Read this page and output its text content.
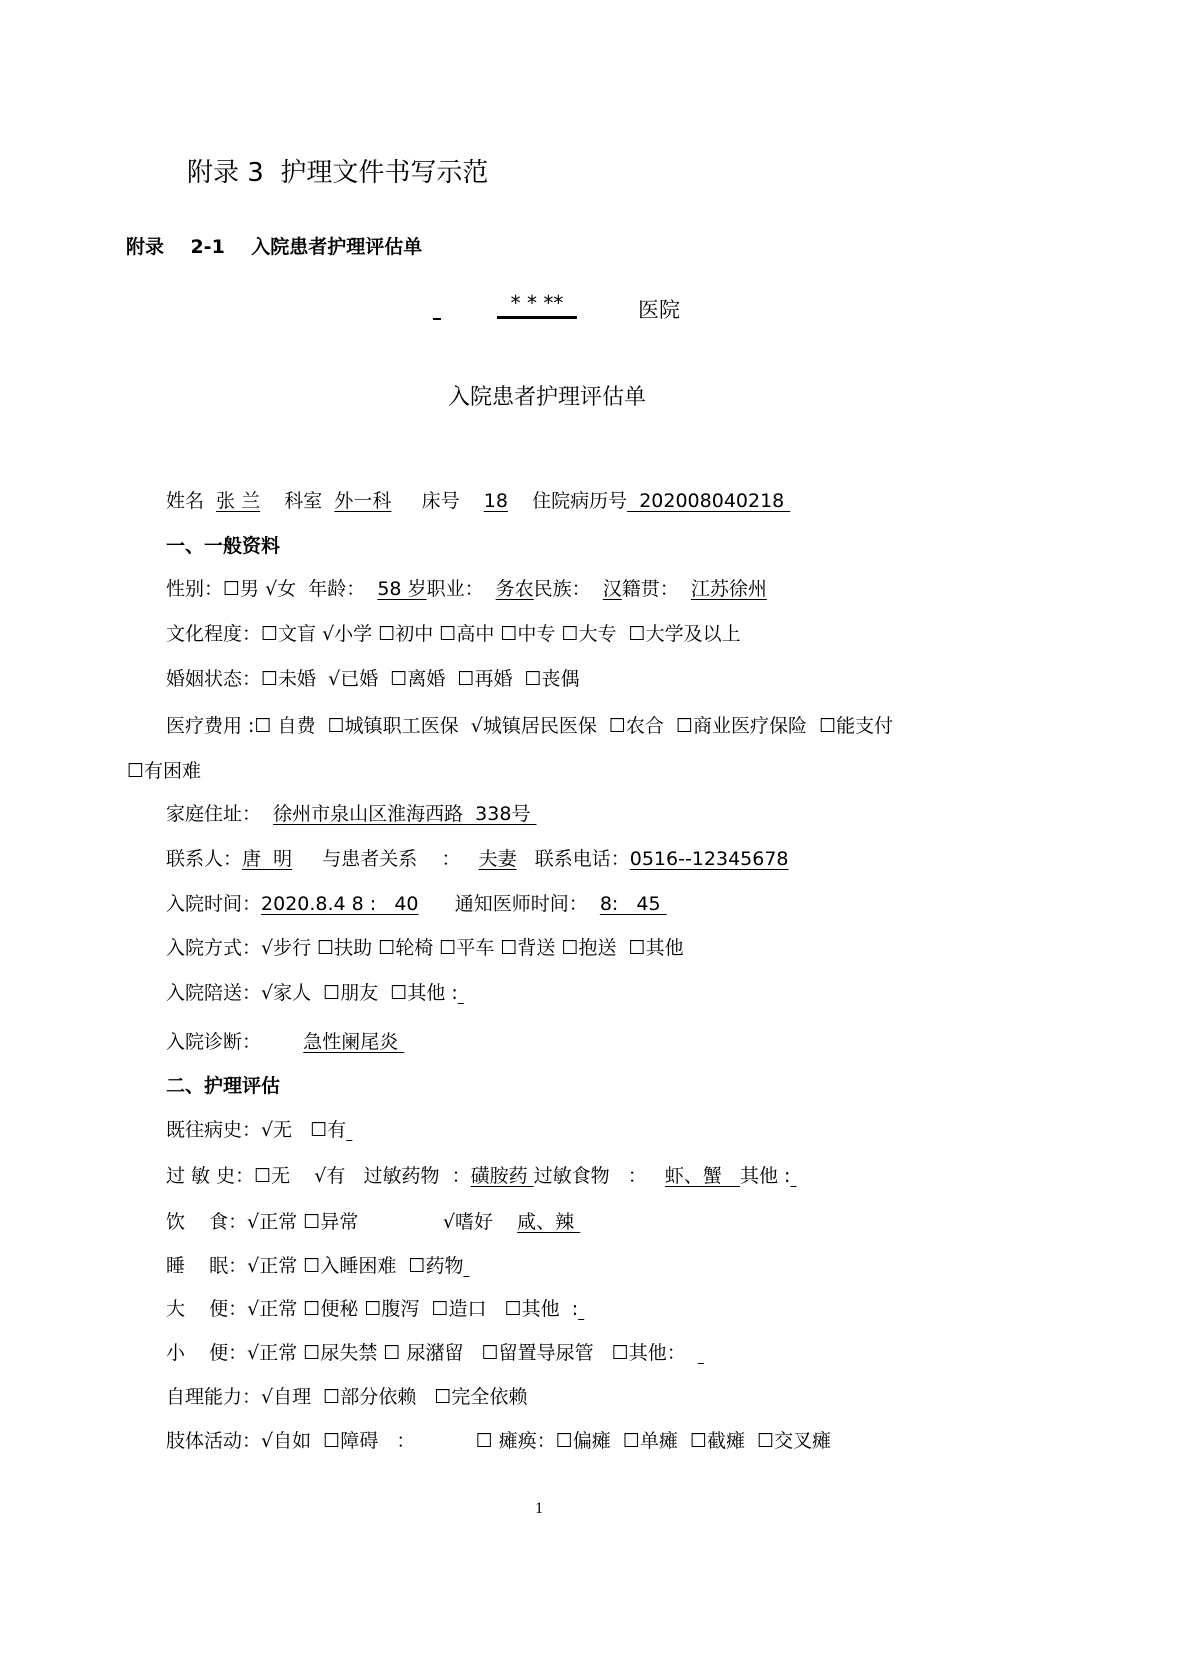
附录 3  护理文件书写示范
附录    2-1    入院患者护理评估单
* * **	医院
入院患者护理评估单
姓名  张 兰    科室  外一科     床号    18    住院病历号  202008040218
一、一般资料
性别：☐男 √女  年龄：  58 岁职业：  务农民族：  汉籍贯：  江苏徐州
文化程度：☐文盲 √小学 ☐初中 ☐高中 ☐中专 ☐大专  ☐大学及以上
婚姻状态：☐未婚  √已婚  ☐离婚  ☐再婚  ☐丧偶
医疗费用 :☐ 自费  ☐城镇职工医保  √城镇居民医保  ☐农合  ☐商业医疗保险  ☐能支付
☐有困难
家庭住址：  徐州市泉山区淮海西路  338号
联系人：唐  明     与患者关系    ：   夫妻   联系电话：0516--12345678
入院时间：2020.8.4 8 :   40      通知医师时间：  8:   45
入院方式：√步行 ☐扶助 ☐轮椅 ☐平车 ☐背送 ☐抱送  ☐其他
入院陪送：√家人  ☐朋友  ☐其他 :
入院诊断：       急性阑尾炎
二、护理评估
既往病史：√无   ☐有
过 敏 史：☐无    √有   过敏药物  ：磺胺药 过敏食物   ：   虾、蟹   其他 :
饮    食：√正常 ☐异常              √嗜好    咸、辣
睡    眠：√正常 ☐入睡困难  ☐药物
大    便：√正常 ☐便秘 ☐腹泻  ☐造口   ☐其他  :
小    便：√正常 ☐尿失禁 ☐ 尿潴留   ☐留置导尿管   ☐其他：
自理能力：√自理  ☐部分依赖   ☐完全依赖
肢体活动：√自如  ☐障碍   ：          ☐ 瘫痪：☐偏瘫  ☐单瘫  ☐截瘫  ☐交叉瘫
1
